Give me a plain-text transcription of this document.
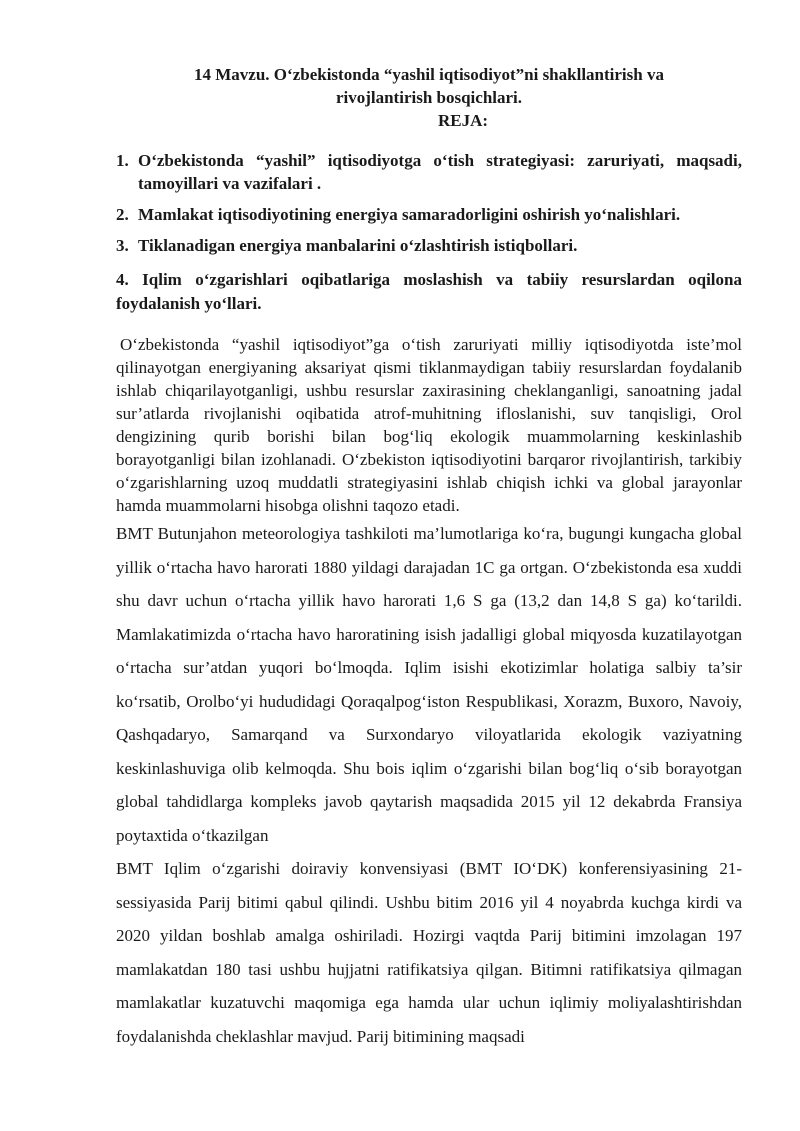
14 Mavzu. O‘zbekistonda “yashil iqtisodiyot”ni shakllantirish va
rivojlantirish bosqichlari.
REJA:
1. O‘zbekistonda “yashil” iqtisodiyotga o‘tish strategiyasi: zaruriyati, maqsadi, tamoyillari va vazifalari .
2. Mamlakat iqtisodiyotining energiya samaradorligini oshirish yo‘nalishlari.
3. Tiklanadigan energiya manbalarini o‘zlashtirish istiqbollari.

4. Iqlim o‘zgarishlari oqibatlariga moslashish va tabiiy resurslardan oqilona foydalanish yo‘llari.

O‘zbekistonda “yashil iqtisodiyot”ga o‘tish zaruriyati milliy iqtisodiyotda iste’mol qilinayotgan energiyaning aksariyat qismi tiklanmaydigan tabiiy resurslardan foydalanib ishlab chiqarilayotganligi, ushbu resurslar zaxirasining cheklanganligi, sanoatning jadal sur’atlarda rivojlanishi oqibatida atrof-muhitning ifloslanishi, suv tanqisligi, Orol dengizining qurib borishi bilan bog‘liq ekologik muammolarning keskinlashib borayotganligi bilan izohlanadi. O‘zbekiston iqtisodiyotini barqaror rivojlantirish, tarkibiy o‘zgarishlarning uzoq muddatli strategiyasini ishlab chiqish ichki va global jarayonlar hamda muammolarni hisobga olishni taqozo etadi.

BMT Butunjahon meteorologiya tashkiloti ma’lumotlariga ko‘ra, bugungi kungacha global yillik o‘rtacha havo harorati 1880 yildagi darajadan 1C ga ortgan. O‘zbekistonda esa xuddi shu davr uchun o‘rtacha yillik havo harorati 1,6 S ga (13,2 dan 14,8 S ga) ko‘tarildi. Mamlakatimizda o‘rtacha havo haroratining isish jadalligi global miqyosda kuzatilayotgan o‘rtacha sur’atdan yuqori bo‘lmoqda. Iqlim isishi ekotizimlar holatiga salbiy ta’sir ko‘rsatib, Orolbo‘yi hududidagi Qoraqalpog‘iston Respublikasi, Xorazm, Buxoro, Navoiy, Qashqadaryo, Samarqand va Surxondaryo viloyatlarida ekologik vaziyatning keskinlashuviga olib kelmoqda. Shu bois iqlim o‘zgarishi bilan bog‘liq o‘sib borayotgan global tahdidlarga kompleks javob qaytarish maqsadida 2015 yil 12 dekabrda Fransiya poytaxtida o‘tkazilgan

BMT Iqlim o‘zgarishi doiraviy konvensiyasi (BMT IO‘DK) konferensiyasining 21-sessiyasida Parij bitimi qabul qilindi. Ushbu bitim 2016 yil 4 noyabrda kuchga kirdi va 2020 yildan boshlab amalga oshiriladi. Hozirgi vaqtda Parij bitimini imzolagan 197 mamlakatdan 180 tasi ushbu hujjatni ratifikatsiya qilgan. Bitimni ratifikatsiya qilmagan mamlakatlar kuzatuvchi maqomiga ega hamda ular uchun iqlimiy moliyalashtirishdan foydalanishda cheklashlar mavjud. Parij bitimining maqsadi
